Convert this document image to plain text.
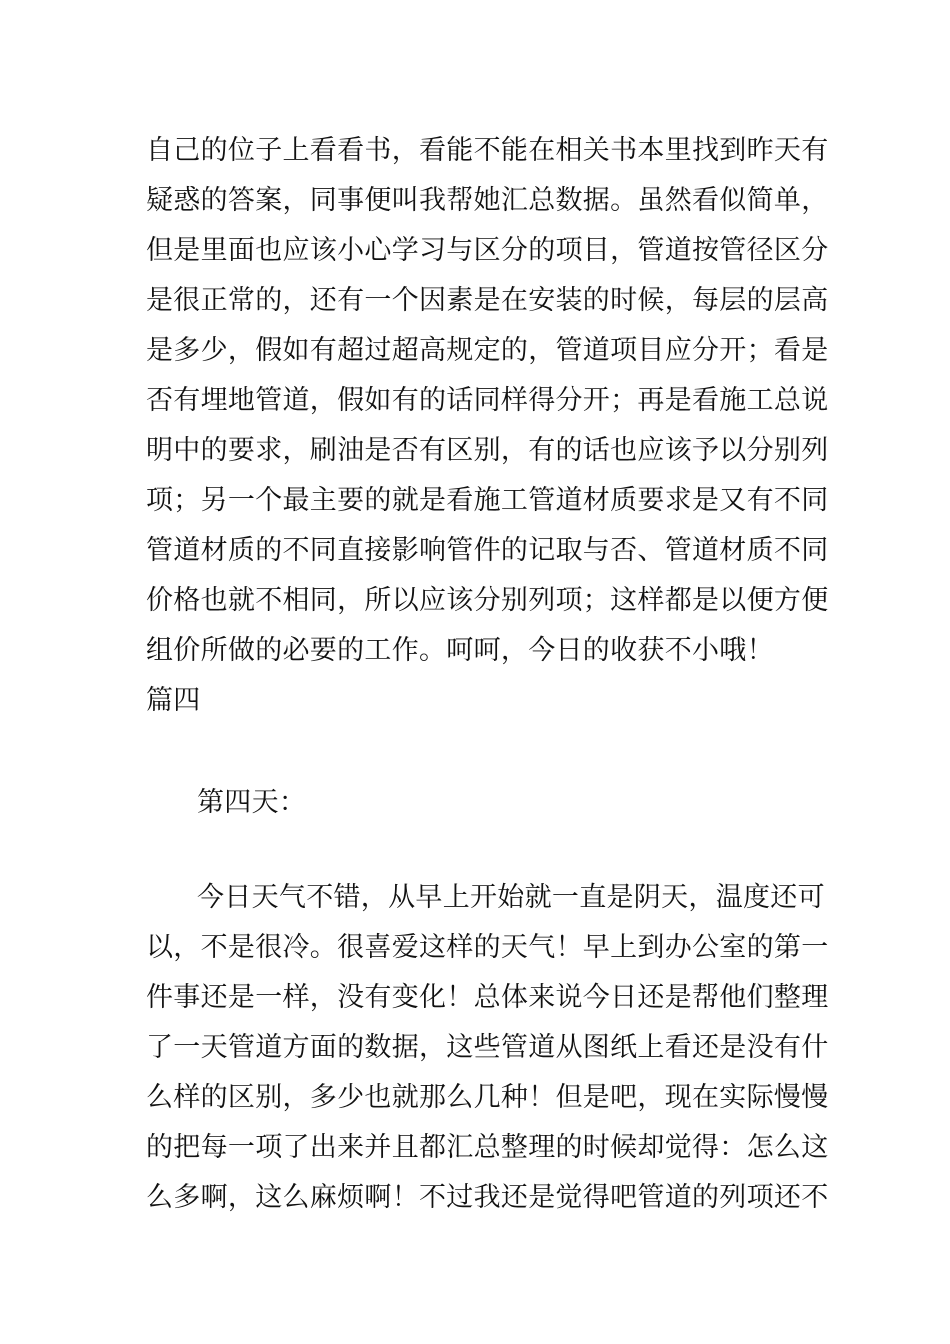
自己的位子上看看书，看能不能在相关书本里找到昨天有
疑惑的答案，同事便叫我帮她汇总数据。虽然看似简单，
但是里面也应该小心学习与区分的项目，管道按管径区分
是很正常的，还有一个因素是在安装的时候，每层的层高
是多少，假如有超过超高规定的，管道项目应分开；看是
否有埋地管道，假如有的话同样得分开；再是看施工总说
明中的要求，刷油是否有区别，有的话也应该予以分别列
项；另一个最主要的就是看施工管道材质要求是又有不同
管道材质的不同直接影响管件的记取与否、管道材质不同
价格也就不相同，所以应该分别列项；这样都是以便方便
组价所做的必要的工作。呵呵，今日的收获不小哦！
篇四
第四天：
今日天气不错，从早上开始就一直是阴天，温度还可
以，不是很冷。很喜爱这样的天气！早上到办公室的第一
件事还是一样，没有变化！总体来说今日还是帮他们整理
了一天管道方面的数据，这些管道从图纸上看还是没有什
么样的区别，多少也就那么几种！但是吧，现在实际慢慢
的把每一项了出来并且都汇总整理的时候却觉得：怎么这
么多啊，这么麻烦啊！不过我还是觉得吧管道的列项还不
